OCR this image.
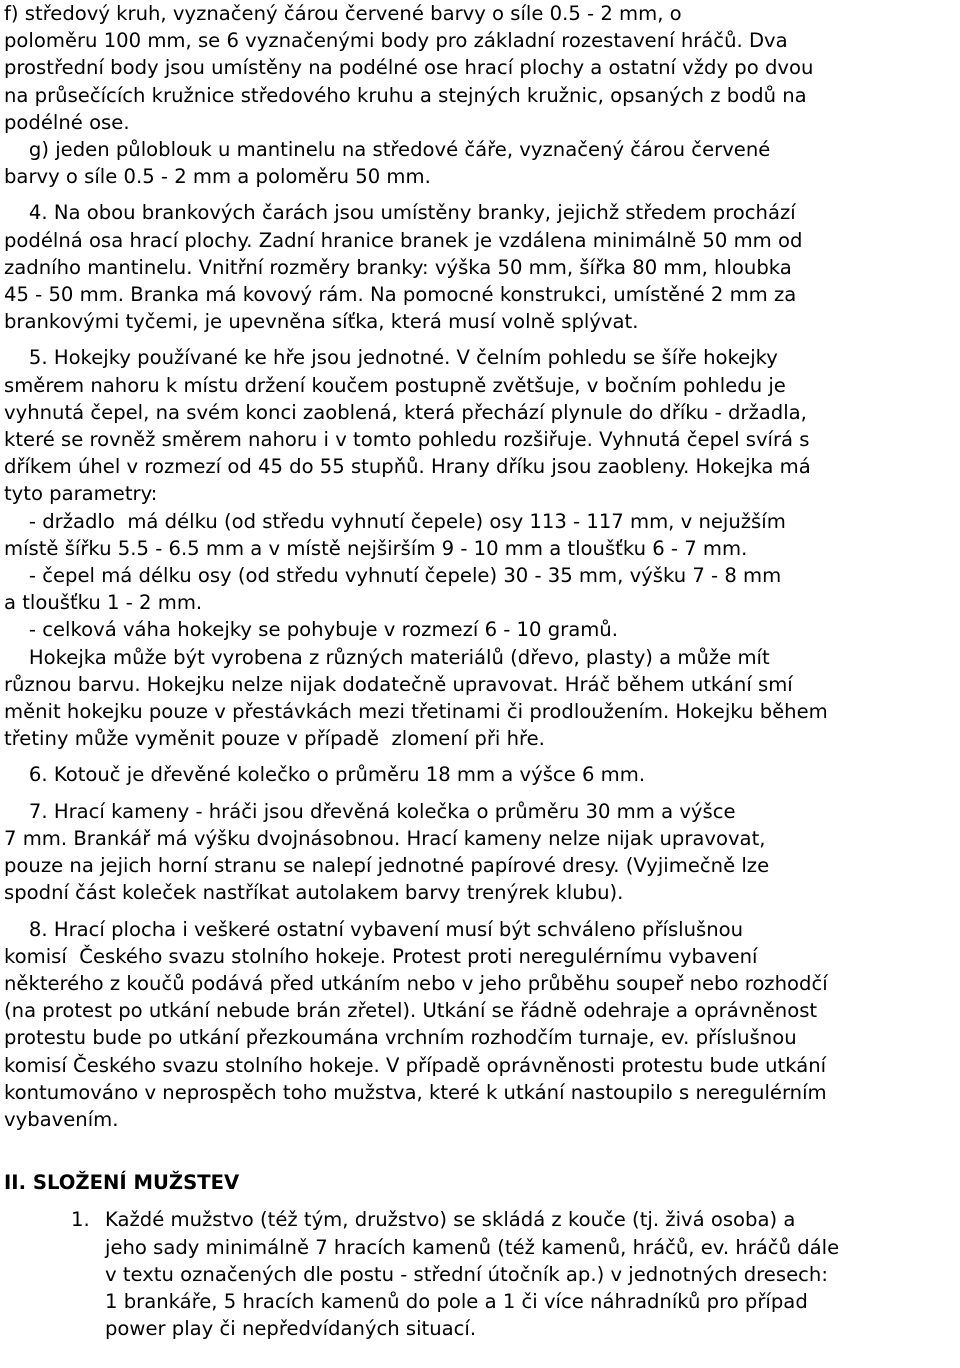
f) středový kruh, vyznačený čárou červené barvy o síle 0.5 - 2 mm, o
poloměru 100 mm, se 6 vyznačenými body pro základní rozestavení hráčů. Dva
prostřední body jsou umístěny na podélné ose hrací plochy a ostatní vždy po dvou
na průsečících kružnice středového kruhu a stejných kružnic, opsaných z bodů na
podélné ose.
g) jeden půloblouk u mantinelu na středové čáře, vyznačený čárou červené
barvy o síle 0.5 - 2 mm a poloměru 50 mm.
4. Na obou brankových čarách jsou umístěny branky, jejichž středem prochází
podélná osa hrací plochy. Zadní hranice branek je vzdálena minimálně 50 mm od
zadního mantinelu. Vnitřní rozměry branky: výška 50 mm, šířka 80 mm, hloubka
45 - 50 mm. Branka má kovový rám. Na pomocné konstrukci, umístěné 2 mm za
brankovými tyčemi, je upevněna síťka, která musí volně splývat.
5. Hokejky používané ke hře jsou jednotné. V čelním pohledu se šíře hokejky
směrem nahoru k místu držení koučem postupně zvětšuje, v bočním pohledu je
vyhnutá čepel, na svém konci zaoblená, která přechází plynule do dříku - držadla,
které se rovněž směrem nahoru i v tomto pohledu rozšiřuje. Vyhnutá čepel svírá s
dříkem úhel v rozmezí od 45 do 55 stupňů. Hrany dříku jsou zaobleny. Hokejka má
tyto parametry:
- držadlo  má délku (od středu vyhnutí čepele) osy 113 - 117 mm, v nejužším
místě šířku 5.5 - 6.5 mm a v místě nejširším 9 - 10 mm a tloušťku 6 - 7 mm.
- čepel má délku osy (od středu vyhnutí čepele) 30 - 35 mm, výšku 7 - 8 mm
a tloušťku 1 - 2 mm.
- celková váha hokejky se pohybuje v rozmezí 6 - 10 gramů.
Hokejka může být vyrobena z různých materiálů (dřevo, plasty) a může mít
různou barvu. Hokejku nelze nijak dodatečně upravovat. Hráč během utkání smí
měnit hokejku pouze v přestávkách mezi třetinami či prodloužením. Hokejku během
třetiny může vyměnit pouze v případě  zlomení při hře.
6. Kotouč je dřevěné kolečko o průměru 18 mm a výšce 6 mm.
7. Hrací kameny - hráči jsou dřevěná kolečka o průměru 30 mm a výšce
7 mm. Brankář má výšku dvojnásobnou. Hrací kameny nelze nijak upravovat,
pouze na jejich horní stranu se nalepí jednotné papírové dresy. (Vyjimečně lze
spodní část koleček nastříkat autolakem barvy trenýrek klubu).
8. Hrací plocha i veškeré ostatní vybavení musí být schváleno příslušnou
komisí  Českého svazu stolního hokeje. Protest proti neregulérnímu vybavení
některého z koučů podává před utkáním nebo v jeho průběhu soupeř nebo rozhodčí
(na protest po utkání nebude brán zřetel). Utkání se řádně odehraje a oprávněnost
protestu bude po utkání přezkoumána vrchním rozhodčím turnaje, ev. příslušnou
komisí Českého svazu stolního hokeje. V případě oprávněnosti protestu bude utkání
kontumováno v neprospěch toho mužstva, které k utkání nastoupilo s neregulérním
vybavením.
II. SLOŽENÍ MUŽSTEV
1. Každé mužstvo (též tým, družstvo) se skládá z kouče (tj. živá osoba) a
jeho sady minimálně 7 hracích kamenů (též kamenů, hráčů, ev. hráčů dále
v textu označených dle postu - střední útočník ap.) v jednotných dresech:
1 brankáře, 5 hracích kamenů do pole a 1 či více náhradníků pro případ
power play či nepředvídaných situací.
